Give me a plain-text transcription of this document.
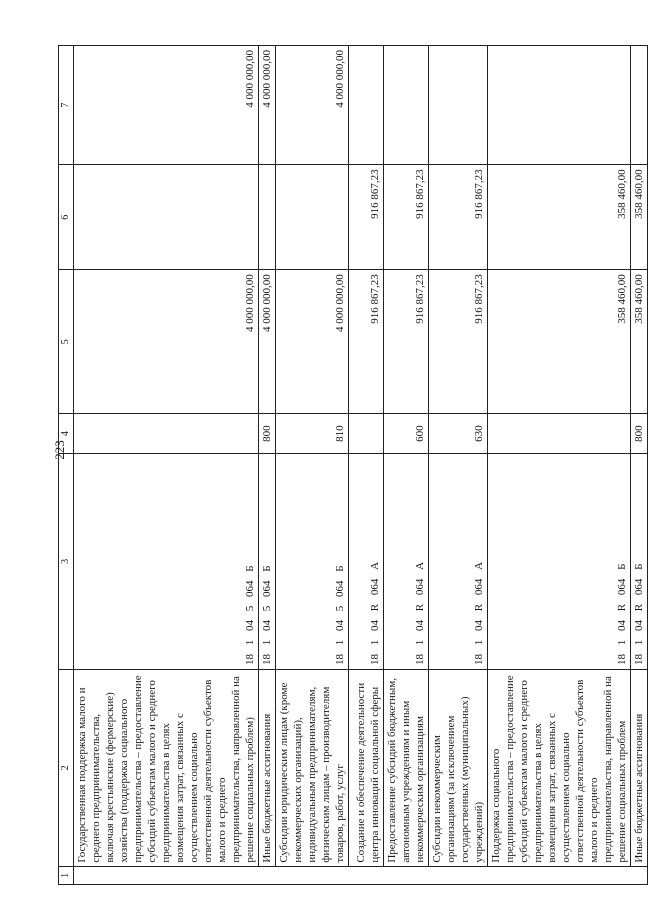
223
1	2	3	4	5	6	7
	Государственная поддержка малого и среднего предпринимательства, включая крестьянские (фермерские) хозяйства (поддержка социального предпринимательства – предоставление субсидий субъектам малого и среднего предпринимательства в целях возмещения затрат, связанных с осуществлением социально ответственной деятельности субъектов малого и среднего предпринимательства, направленной на решение социальных проблем)	18 1 04 5 064 Б		4 000 000,00		4 000 000,00
	Иные бюджетные ассигнования	18 1 04 5 064 Б	800	4 000 000,00		4 000 000,00
	Субсидии юридическим лицам (кроме некоммерческих организаций), индивидуальным предпринимателям, физическим лицам – производителям товаров, работ, услуг	18 1 04 5 064 Б	810	4 000 000,00		4 000 000,00
	Создание и обеспечение деятельности центра инноваций социальной сферы	18 1 04 R 064 А		916 867,23	916 867,23	
	Предоставление субсидий бюджетным, автономным учреждениям и иным некоммерческим организациям	18 1 04 R 064 А	600	916 867,23	916 867,23	
	Субсидии некоммерческим организациям (за исключением государственных (муниципальных) учреждений)	18 1 04 R 064 А	630	916 867,23	916 867,23	
	Поддержка социального предпринимательства – предоставление субсидий субъектам малого и среднего предпринимательства в целях возмещения затрат, связанных с осуществлением социально ответственной деятельности субъектов малого и среднего предпринимательства, направленной на решение социальных проблем	18 1 04 R 064 Б		358 460,00	358 460,00	
	Иные бюджетные ассигнования	18 1 04 R 064 Б	800	358 460,00	358 460,00	
